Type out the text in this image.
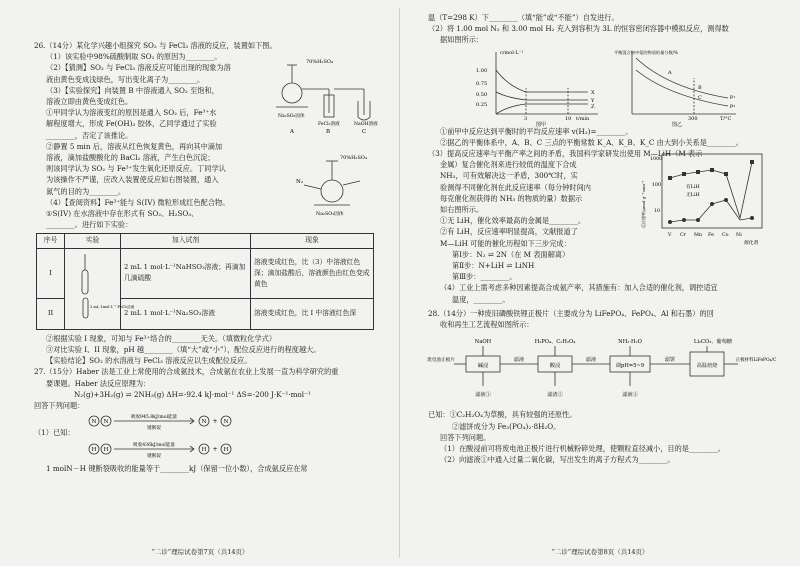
26.（14分）某化学兴趣小组探究 SO₂ 与 FeCl₃ 溶液的反应，装置如下图。
（1）该实验中98%硫酸制取 SO₂ 的原因为________。
（2）【猜测】SO₂ 与 FeCl₃ 溶液反应可能出现的现象为溶
液由黄色变成浅绿色，写出变化离子为________。
（3）【实验探究】向装置 B 中溶液通入 SO₂ 至饱和，
溶液立即由黄色变成红色。
①甲同学认为溶液变红的原因是通入 SO₂ 后，Fe³⁺水
解程度增大，形成 Fe(OH)₃ 胶体，乙同学通过了实验
________，否定了该推论。
②静置 5 min 后，溶液从红色恢复黄色，再向其中滴加
溶液，滴加盐酸酸化的 BaCl₂ 溶液，产生白色沉淀；
则该同学认为 SO₂ 与 Fe³⁺发生氧化还原反应。丁同学认
为该操作不严谨，应改入装置使反应如右图装置，通入
氮气的目的为________。
（4）【查阅资料】Fe³⁺能与 S(IV) 微粒形成红色配合物。
①S(IV) 在水溶液中存在形式有 SO₂、H₂SO₃、
________。进行如下实验：
70%H₂SO₄
Na₂SO₃固体
FeCl₃溶液	NaOH溶液
A	B	C
70%H₂SO₄
N₂
Na₂SO₃固体
序号	实验	加入试剂	现象
I	2 mL 1mol·L⁻¹ FeCl₃溶液	2 mL 1 mol·L⁻¹NaHSO₃溶液；再滴加几滴硫酸	溶液变成红色，比（3）中溶液红色深；滴加盐酸后，溶液颜色由红色变成黄色
II		2 mL 1 mol·L⁻¹Na₂SO₃溶液	溶液变成红色，比 I 中溶液红色深
②根据实验 I 现象，可知与 Fe³⁺络合的________无关。（填微粒化学式）
③对比实验 I、II 现象，pH 越________（填“大”或“小”），配位反应进行的程度越大。
【实验结论】SO₂ 的水溶液与 FeCl₃ 溶液反应以生成配位反应。
27.（15分）Haber 法是工业上常使用的合成氨技术，合成氨在农业上发展一直为科学研究的重
要课题。Haber 法反应原理为：
N₂(g)+3H₂(g) ⇌ 2NH₃(g) ΔH=-92.4 kJ·mol⁻¹ ΔS=-200 J·K⁻¹·mol⁻¹
回答下列问题：
（1）已知：
N N	N + N
H H	H + H
吸收945.8kJ/mol能量
键断裂
吸收436kJ/mol能量
键断裂
1 molN－H 键断裂吸收的能量等于________kJ（保留一位小数），合成氨反应在常
“二诊”理综试卷第7页（共14页）
温（T=298 K）下________（填“能”或“不能”）自发进行。
（2）将 1.00 mol N₂ 和 3.00 mol H₂ 充入到容积为 3L 的恒容密闭容器中模拟反应，测得数
据如图所示：
c/mol·L⁻¹
1.00
0.75
0.50
0.25
3	10 t/min
X
Y
Z
图甲
平衡混合物中氨的物质的量分数/%
A
B
C	p₁
p₂
300	T/°C
图乙
①前甲中反应达到平衡时的平均反应速率 v(H₂)=________。
②据乙的平衡体系中，A、B、C 三点的平衡常数 K_A、K_B、K_C 由大到小关系是________。
（3）提高反应速率与平衡产率之间的矛盾，我国科学家研发出使用 M—LiH（M 表示
金属）复合催化剂来进行较低的温度下合成
NH₃，可有效解决这一矛盾，300℃时，实
验测得不同催化剂在此反应速率（每分钟时间内
每克催化剂获得的 NH₃ 的物质的量）数据示
如右图所示。
①无 LiH，催化效率最高的金属是________。
②有 LiH，反应速率明显提高，文献报道了
M—LiH 可能的催化历程如下三步完成：
1000
100
10
V Cr Mn Fe Co Ni
催化剂
有LiH
无LiH
反应速率/μmol·g⁻¹·min⁻¹
第Ⅰ步：N₂ ⇌ 2N（在 M 表面解离）
第Ⅱ步：N+LiH ⇌ LiNH
第Ⅲ步：________。
（4）工业上需考虑多种因素提高合成氨产率，其措施有：加入合适的催化剂，调控适宜
温度，________。
28.（14分）一种废旧磷酸铁锂正极片（主要成分为 LiFePO₄、FePO₄、Al 和石墨）的回
收和再生工艺流程如图所示：
废电池正极片
碱浸	酸浸	调pH=5~9	高温焙烧
正极材料LiFePO₄/C
NaOH	H₃PO₄、C₂H₂O₄	NH₃·H₂O	Li₂CO₃、葡萄糖
滤液	滤液	滤饼
滤液①	滤渣②	滤液③
已知：①C₂H₂O₄为草酸，具有较强的还原性。
②滤饼成分为 Fe₃(PO₄)₂·8H₂O。
回答下列问题。
（1）在酸浸前可将废电池正极片进行机械粉碎处理，使颗粒直径减小，目的是________。
（2）向滤液①中通入过量二氧化碳，写出发生的离子方程式为________。
“二诊”理综试卷第8页（共14页）
